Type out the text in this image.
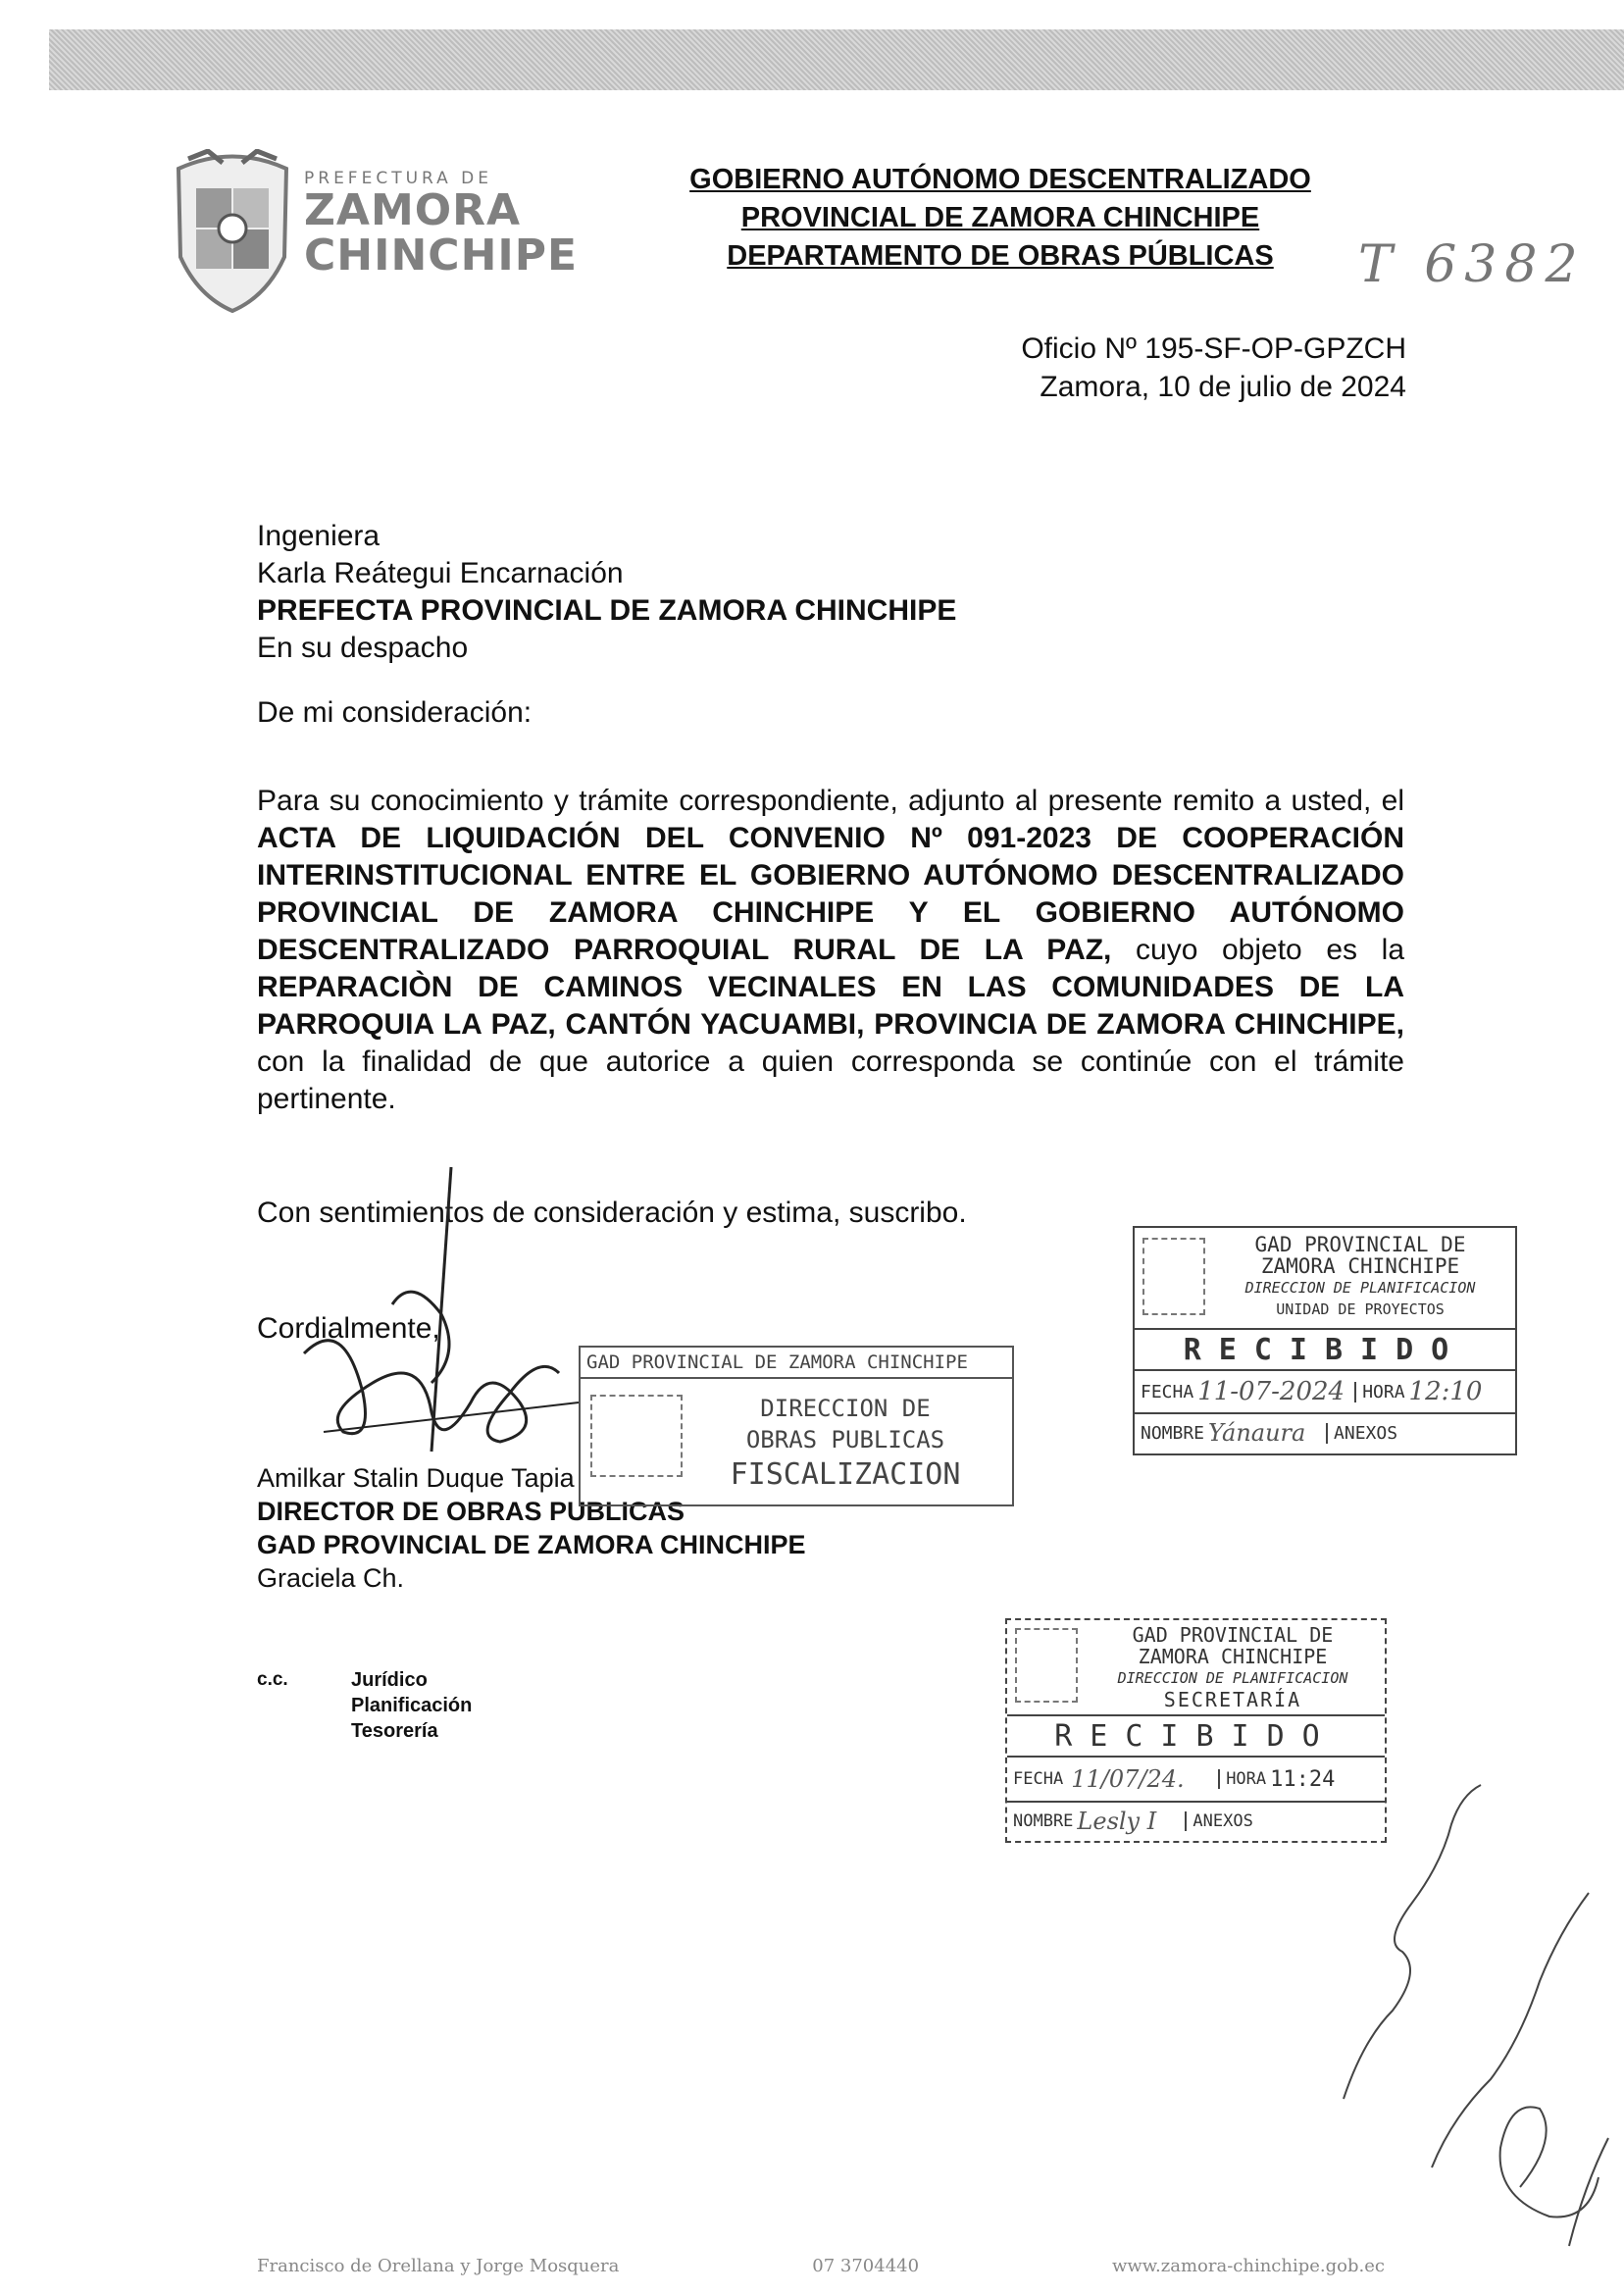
PREFECTURA DE
ZAMORA
CHINCHIPE
GOBIERNO AUTÓNOMO DESCENTRALIZADO
PROVINCIAL DE ZAMORA CHINCHIPE
DEPARTAMENTO DE OBRAS PÚBLICAS	T 6382
Oficio Nº 195-SF-OP-GPZCH
Zamora, 10 de julio de 2024
Ingeniera
Karla Reátegui Encarnación
PREFECTA PROVINCIAL DE ZAMORA CHINCHIPE
En su despacho
De mi consideración:
Para su conocimiento y trámite correspondiente, adjunto al presente remito a usted, el ACTA DE LIQUIDACIÓN DEL CONVENIO Nº 091-2023 DE COOPERACIÓN INTERINSTITUCIONAL ENTRE EL GOBIERNO AUTÓNOMO DESCENTRALIZADO PROVINCIAL DE ZAMORA CHINCHIPE Y EL GOBIERNO AUTÓNOMO DESCENTRALIZADO PARROQUIAL RURAL DE LA PAZ, cuyo objeto es la REPARACIÒN DE CAMINOS VECINALES EN LAS COMUNIDADES DE LA PARROQUIA LA PAZ, CANTÓN YACUAMBI, PROVINCIA DE ZAMORA CHINCHIPE, con la finalidad de que autorice a quien corresponda se continúe con el trámite pertinente.
Con sentimientos de consideración y estima, suscribo.
Cordialmente,
Amilkar Stalin Duque Tapia
DIRECTOR DE OBRAS PUBLICAS
GAD PROVINCIAL DE ZAMORA CHINCHIPE
Graciela Ch.
c.c.	Jurídico
Planificación
Tesorería
GAD PROVINCIAL DE ZAMORA CHINCHIPE
DIRECCION DE
OBRAS PUBLICAS
FISCALIZACION
GAD PROVINCIAL DE
ZAMORA CHINCHIPE
DIRECCION DE PLANIFICACION
UNIDAD DE PROYECTOS
RECIBIDO
FECHA 11-07-2024	HORA 12:10
NOMBRE Yánaura	ANEXOS
GAD PROVINCIAL DE
ZAMORA CHINCHIPE
DIRECCION DE PLANIFICACION
SECRETARÍA
RECIBIDO
FECHA 11/07/24.	HORA 11:24
NOMBRE Lesly I	ANEXOS
Francisco de Orellana y Jorge Mosquera	07 3704440	www.zamora-chinchipe.gob.ec
